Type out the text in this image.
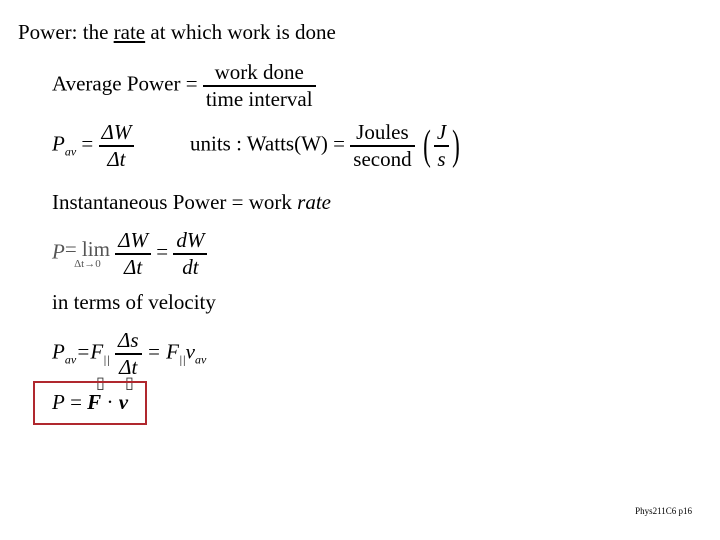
Power: the rate at which work is done
Average Power = $\frac{\text{work done}}{\text{time interval}}$
$P_{av} = \frac{\Delta W}{\Delta t}$	units : Watts(W) = $\frac{\text{Joules}}{\text{second}}$ ( $\frac{J}{s}$ )
Instantaneous Power = work rate
P = lim
Δt→0
$\frac{\Delta W}{\Delta t} = \frac{dW}{dt}$
in terms of velocity
$P_{av}=F_{||} \frac{\Delta s}{\Delta t} = F_{||}v_{av}$
▯ ▯
P = F · v
Phys211C6 p16
